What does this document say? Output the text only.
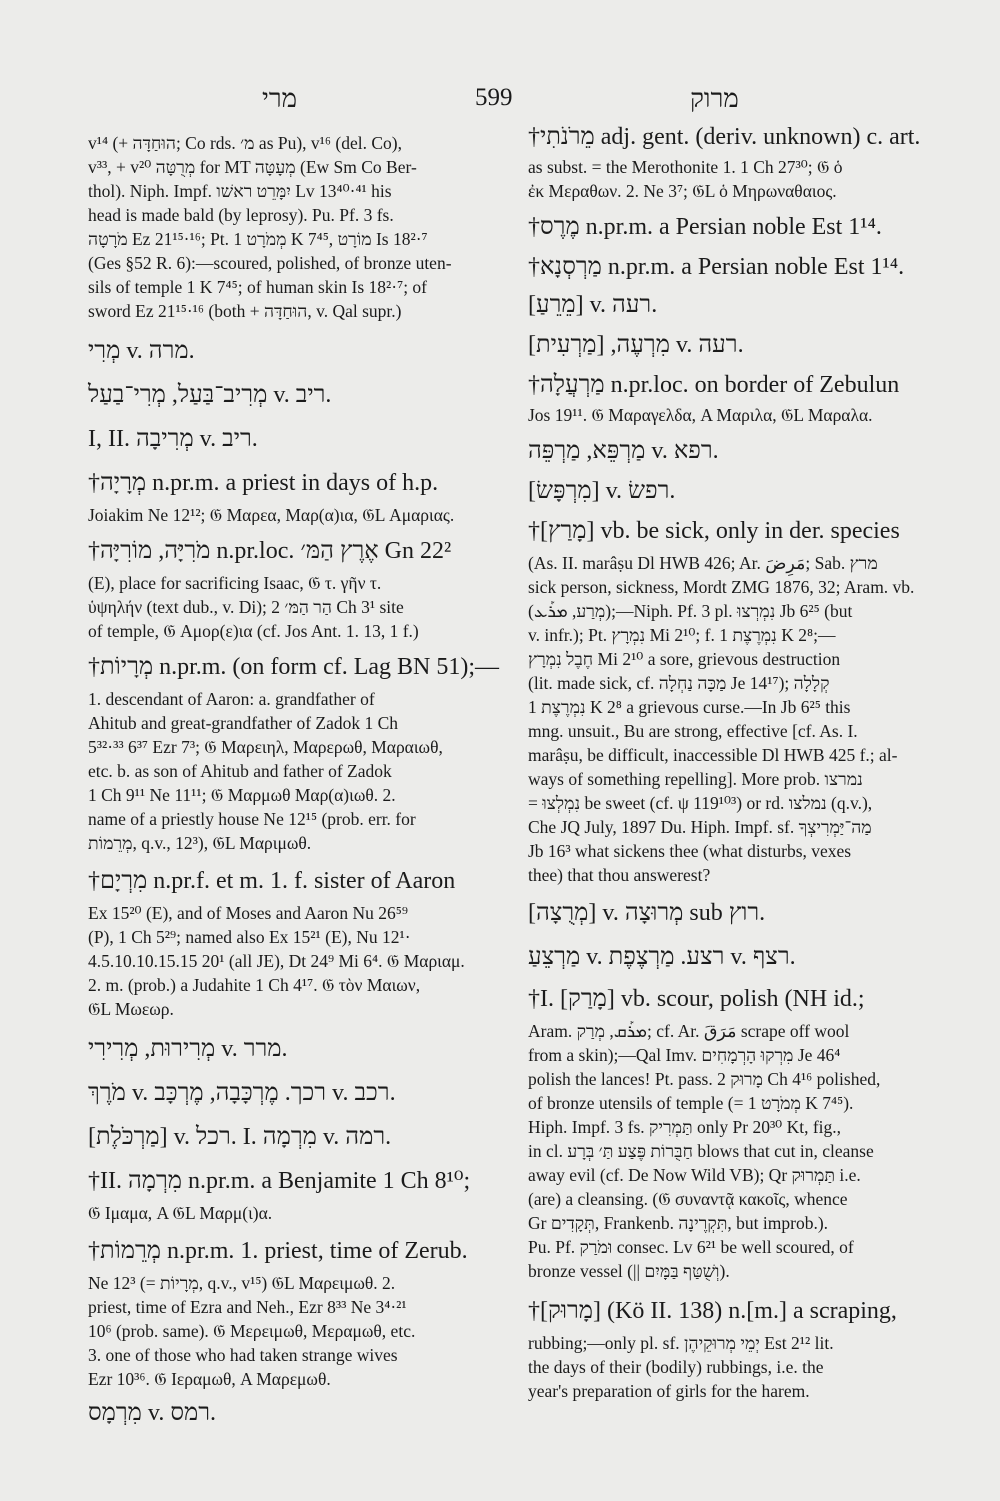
מרי	599	מרוק
v¹⁴ (+ הוּחַדָּה; Co rds. מ׳ as Pu), v¹⁶ (del. Co),
v³³, + v²⁰ מְרֻטָּה for MT מְעָטָּה (Ew Sm Co Ber-
thol). Niph. Impf. יִמָּרֵט ראשׁו Lv 13⁴⁰·⁴¹ his
head is made bald (by leprosy). Pu. Pf. 3 fs.
מֹרָטָה Ez 21¹⁵·¹⁶; Pt. מְמֹרָט 1 K 7⁴⁵, מוֹרָט Is 18²·⁷
(Ges §52 R. 6):—scoured, polished, of bronze uten-
sils of temple 1 K 7⁴⁵; of human skin Is 18²·⁷; of
sword Ez 21¹⁵·¹⁶ (both + הוּחַדָּה, v. Qal supr.)
מְרִי v. מרה.
מְרִיב־בַּעַל, מְרִי־בַעַל v. ריב.
I, II. מְרִיבָה v. ריב.
†מְרָיָה n.pr.m. a priest in days of h.p.
Joiakim Ne 12¹²; 𝔊 Μαρεα, Μαρ(α)ια, 𝔊L Αμαριας.
†מֹרִיָּה, מוֹרִיָּה n.pr.loc. אֶרֶץ הַמּ׳ Gn 22²
(E), place for sacrificing Isaac, 𝔊 τ. γῆν τ.
ὑψηλήν (text dub., v. Di); הַר הַמּ׳ 2 Ch 3¹ site
of temple, 𝔊 Αμορ(ε)ια (cf. Jos Ant. 1. 13, 1 f.)
†מְרָיוֹת n.pr.m. (on form cf. Lag BN 51);—
1. descendant of Aaron: a. grandfather of
Ahitub and great-grandfather of Zadok 1 Ch
5³²·³³ 6³⁷ Ezr 7³; 𝔊 Μαρειηλ, Μαρερωθ, Μαραιωθ,
etc. b. as son of Ahitub and father of Zadok
1 Ch 9¹¹ Ne 11¹¹; 𝔊 Μαρμωθ Μαρ(α)ιωθ. 2.
name of a priestly house Ne 12¹⁵ (prob. err. for
מְרֵמוֹת, q.v., 12³), 𝔊L Μαριμωθ.
†מִרְיָם n.pr.f. et m. 1. f. sister of Aaron
Ex 15²⁰ (E), and of Moses and Aaron Nu 26⁵⁹
(P), 1 Ch 5²⁹; named also Ex 15²¹ (E), Nu 12¹·
4.5.10.10.15.15 20¹ (all JE), Dt 24⁹ Mi 6⁴. 𝔊 Μαριαμ.
2. m. (prob.) a Judahite 1 Ch 4¹⁷. 𝔊 τὸν Μαιων,
𝔊L Μωεωρ.
מְרִירוּת, מְרִירִי v. מרר.
מֹרֶךְ v. רכך. מֶרְכָּבָה, מֶרְכָּב v. רכב.
[מַרְכֹּלֶת] v. רכל. I. מִרְמָה v. רמה.
†II. מִרְמָה n.pr.m. a Benjamite 1 Ch 8¹⁰;
𝔊 Ιμαμα, A 𝔊L Μαρμ(ι)α.
†מְרֵמוֹת n.pr.m. 1. priest, time of Zerub.
Ne 12³ (= מְרָיוֹת, q.v., v¹⁵) 𝔊L Μαρειμωθ. 2.
priest, time of Ezra and Neh., Ezr 8³³ Ne 3⁴·²¹
10⁶ (prob. same). 𝔊 Μερειμωθ, Μεραμωθ, etc.
3. one of those who had taken strange wives
Ezr 10³⁶. 𝔊 Ιεραμωθ, A Μαρεμωθ.
מִרְמָס v. רמס.
†מֵרֹנֹתִי adj. gent. (deriv. unknown) c. art.
as subst. = the Merothonite 1. 1 Ch 27³⁰; 𝔊 ὁ
ἐκ Μεραθων. 2. Ne 3⁷; 𝔊L ὁ Μηρωναθαιος.
†מֶרֶס n.pr.m. a Persian noble Est 1¹⁴.
†מַרְסְנָא n.pr.m. a Persian noble Est 1¹⁴.
[מֵרֵעַ] v. רעה.
מִרְעֶה, [מַרְעִית] v. רעה.
†מַרְעֲלָה n.pr.loc. on border of Zebulun
Jos 19¹¹. 𝔊 Μαραγελδα, A Μαριλα, 𝔊L Μαραλα.
מַרְפֵּא, מַרְפֵּה v. רפא.
[מִרְפָּשׂ] v. רפשׂ.
†[מָרַץ] vb. be sick, only in der. species
(As. II. marâṣu Dl HWB 426; Ar. مَرِضَ; Sab. מרץ
sick person, sickness, Mordt ZMG 1876, 32; Aram. vb.
(מְרַע, ܡܪܰܥ);—Niph. Pf. 3 pl. נִמְרְצוּ Jb 6²⁵ (but
v. infr.); Pt. נִמְרָץ Mi 2¹⁰; f. נִמְרֶצֶת 1 K 2⁸;—
חֶבֶל נִמְרָץ Mi 2¹⁰ a sore, grievous destruction
(lit. made sick, cf. מַכָּה נַחְלָה Je 14¹⁷); קְלָלָה
נִמְרֶצֶת 1 K 2⁸ a grievous curse.—In Jb 6²⁵ this
mng. unsuit., Bu are strong, effective [cf. As. I.
marâṣu, be difficult, inaccessible Dl HWB 425 f.; al-
ways of something repelling]. More prob. נמרצו
= נִמְלְצוּ be sweet (cf. ψ 119¹⁰³) or rd. נמלצו (q.v.),
Che JQ July, 1897 Du. Hiph. Impf. sf. מַה־יַּמְרִיצְךָ
Jb 16³ what sickens thee (what disturbs, vexes
thee) that thou answerest?
[מְרֻצָה] v. מְרוּצָה sub רוץ.
מַרְצֵעַ v. רצע. מַרְצֶפֶת v. רצף.
†I. [מָרַק] vb. scour, polish (NH id.;
Aram. ܡܪܰܩ, מְרַק; cf. Ar. مَرَقَ scrape off wool
from a skin);—Qal Imv. מִרְקוּ הָרְמָחִים Je 46⁴
polish the lances! Pt. pass. מָרוּק 2 Ch 4¹⁶ polished,
of bronze utensils of temple (= מְמֹרָט 1 K 7⁴⁵).
Hiph. Impf. 3 fs. תַּמְרִיק only Pr 20³⁰ Kt, fig.,
in cl. חַבֻּרוֹת פֶּצַע תַּ׳ בְּרָע blows that cut in, cleanse
away evil (cf. De Now Wild VB); Qr תַּמְרוּק i.e.
(are) a cleansing. (𝔊 συναντᾷ κακοῖς, whence
Gr תְּקָדִים, Frankenb. תִּקְרֶינָה, but improb.).
Pu. Pf. וּמֹרַק consec. Lv 6²¹ be well scoured, of
bronze vessel (|| וְשֻׁטַּף בַּמָּיִם).
†[מָרוּק] (Kö II. 138) n.[m.] a scraping,
rubbing;—only pl. sf. יְמֵי מְרוּקֵיהֶן Est 2¹² lit.
the days of their (bodily) rubbings, i.e. the
year's preparation of girls for the harem.
